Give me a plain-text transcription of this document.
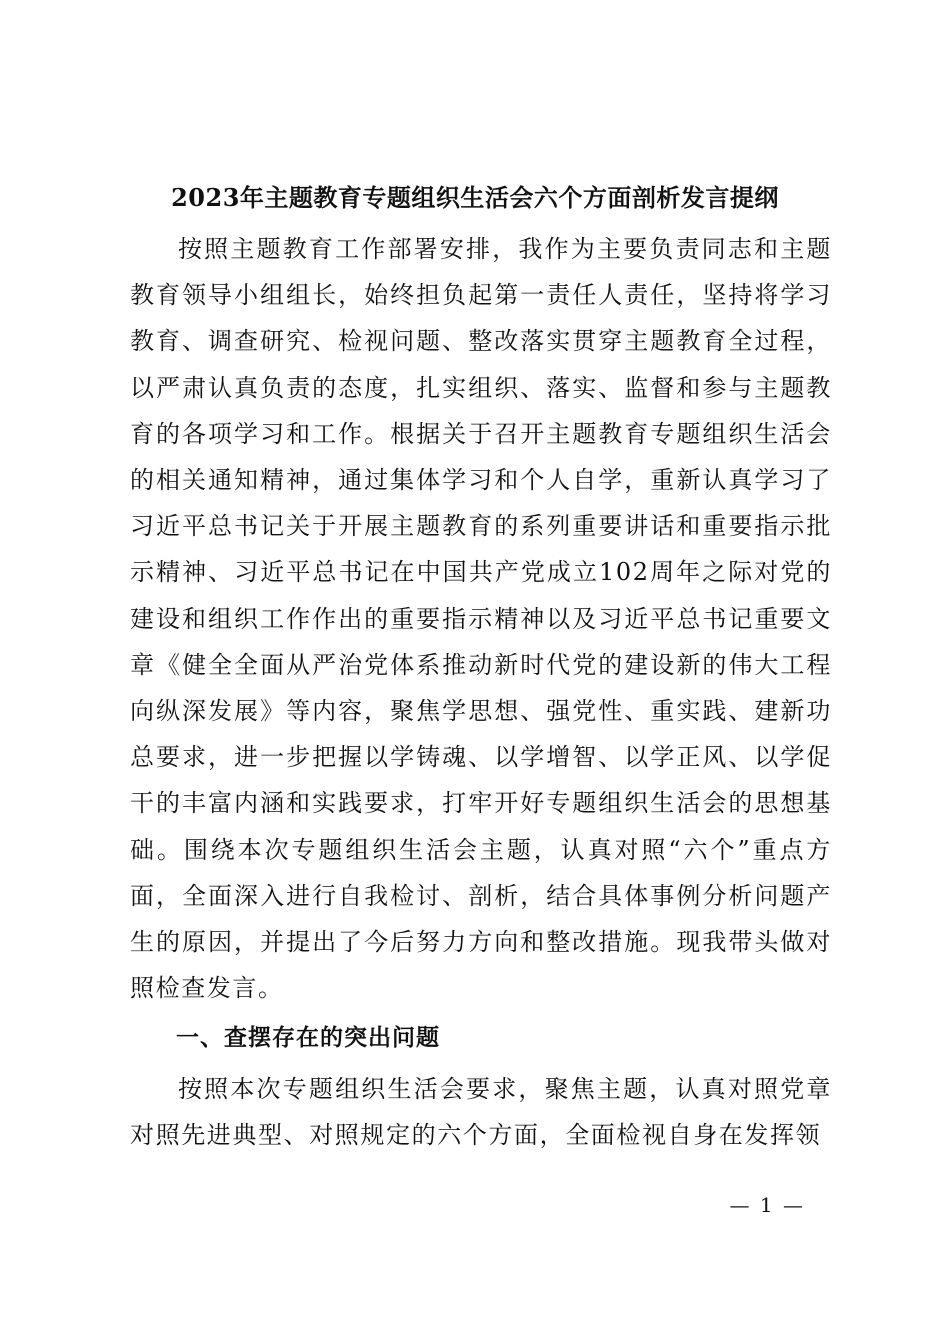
2023年主题教育专题组织生活会六个方面剖析发言提纲

按照主题教育工作部署安排，我作为主要负责同志和主题教育领导小组组长，始终担负起第一责任人责任，坚持将学习教育、调查研究、检视问题、整改落实贯穿主题教育全过程，以严肃认真负责的态度，扎实组织、落实、监督和参与主题教育的各项学习和工作。根据关于召开主题教育专题组织生活会的相关通知精神，通过集体学习和个人自学，重新认真学习了习近平总书记关于开展主题教育的系列重要讲话和重要指示批示精神、习近平总书记在中国共产党成立102周年之际对党的建设和组织工作作出的重要指示精神以及习近平总书记重要文章《健全全面从严治党体系推动新时代党的建设新的伟大工程向纵深发展》等内容，聚焦学思想、强党性、重实践、建新功总要求，进一步把握以学铸魂、以学增智、以学正风、以学促干的丰富内涵和实践要求，打牢开好专题组织生活会的思想基础。围绕本次专题组织生活会主题，认真对照“六个”重点方面，全面深入进行自我检讨、剖析，结合具体事例分析问题产生的原因，并提出了今后努力方向和整改措施。现我带头做对照检查发言。

一、查摆存在的突出问题

按照本次专题组织生活会要求，聚焦主题，认真对照党章对照先进典型、对照规定的六个方面，全面检视自身在发挥领

— 1 —
